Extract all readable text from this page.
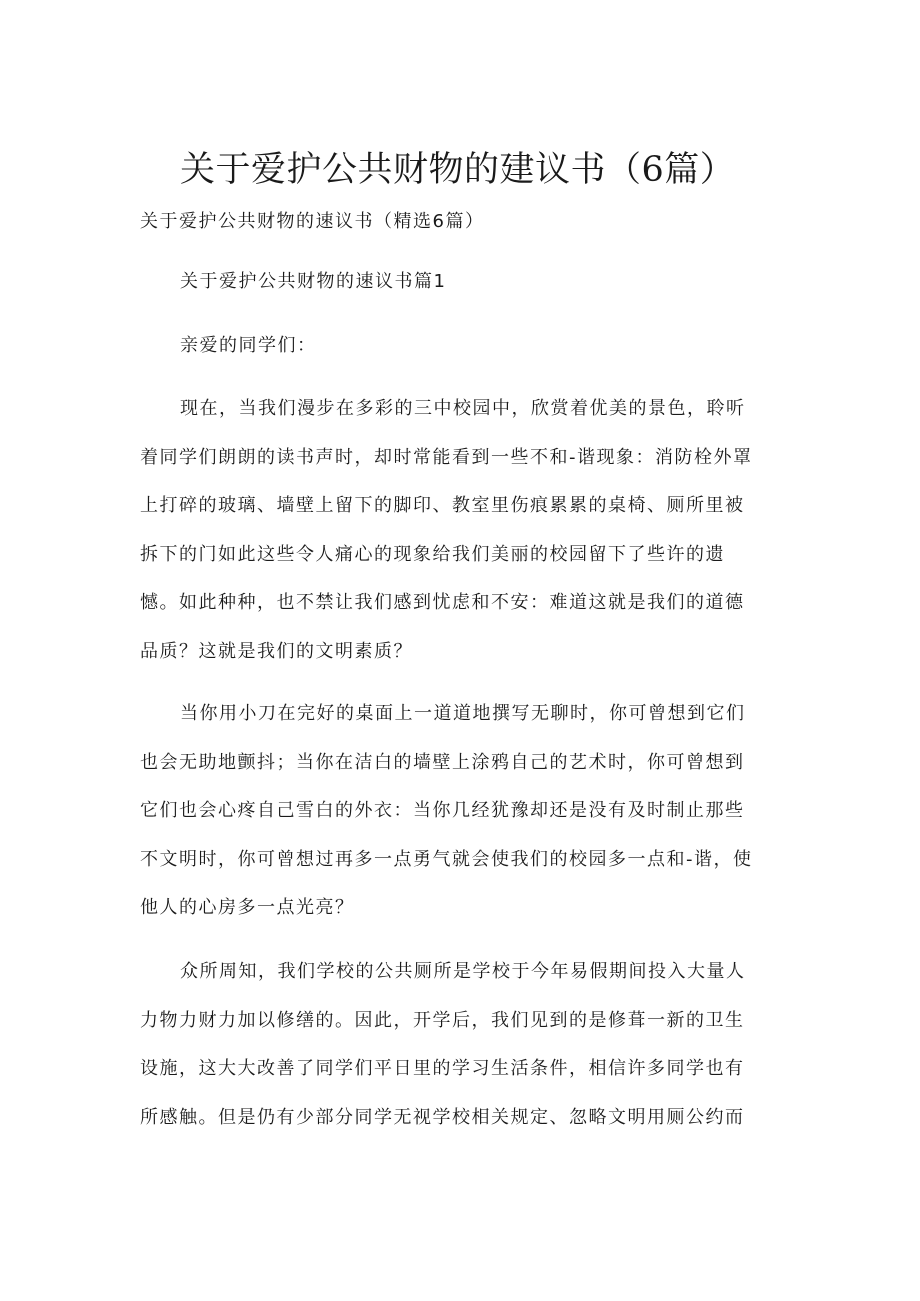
关于爱护公共财物的建议书（6篇）

关于爱护公共财物的速议书（精选6篇）

关于爱护公共财物的速议书篇1

亲爱的同学们：

现在，当我们漫步在多彩的三中校园中，欣赏着优美的景色，聆听
着同学们朗朗的读书声时，却时常能看到一些不和-谐现象：消防栓外罩
上打碎的玻璃、墙壁上留下的脚印、教室里伤痕累累的桌椅、厕所里被
拆下的门如此这些令人痛心的现象给我们美丽的校园留下了些许的遗
憾。如此种种，也不禁让我们感到忧虑和不安：难道这就是我们的道德
品质？这就是我们的文明素质？
当你用小刀在完好的桌面上一道道地撰写无聊时，你可曾想到它们
也会无助地颤抖；当你在洁白的墙壁上涂鸦自己的艺术时，你可曾想到
它们也会心疼自己雪白的外衣：当你几经犹豫却还是没有及时制止那些
不文明时，你可曾想过再多一点勇气就会使我们的校园多一点和-谐，使
他人的心房多一点光亮？
众所周知，我们学校的公共厕所是学校于今年易假期间投入大量人
力物力财力加以修缮的。因此，开学后，我们见到的是修葺一新的卫生
设施，这大大改善了同学们平日里的学习生活条件，相信许多同学也有
所感触。但是仍有少部分同学无视学校相关规定、忽略文明用厕公约而
